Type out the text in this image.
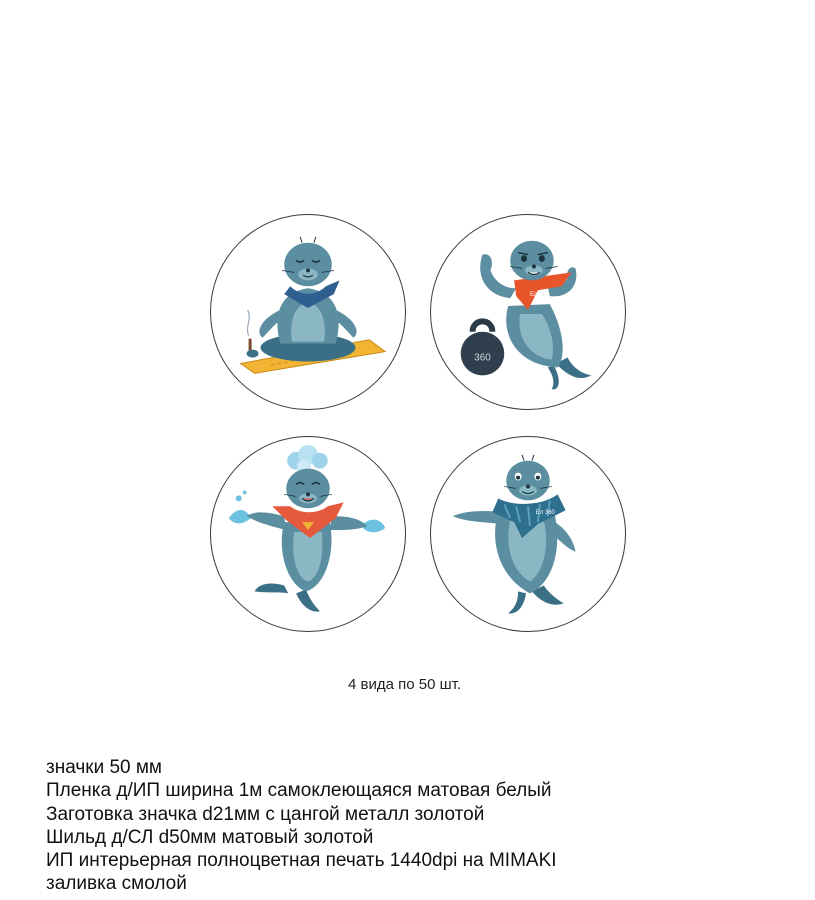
360
Ел
Ел 360
4 вида по 50 шт.
значки 50 мм
Пленка д/ИП ширина 1м самоклеющаяся матовая белый
Заготовка значка d21мм с цангой металл золотой
Шильд д/СЛ d50мм матовый золотой
ИП интерьерная полноцветная печать 1440dpi на MIMAKI
заливка смолой
